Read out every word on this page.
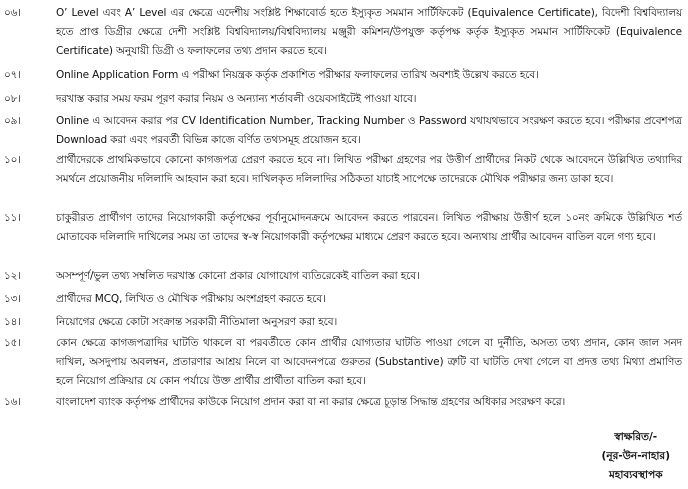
০৬।	O’ Level এবং A’ Level এর ক্ষেত্রে এদেশীয় সংশ্লিষ্ট শিক্ষাবোর্ড হতে ইস্যুকৃত সমমান সার্টিফিকেট (Equivalence Certificate), বিদেশী বিশ্ববিদ্যালয় হতে প্রাপ্ত ডিগ্রীর ক্ষেত্রে দেশী সংশ্লিষ্ট বিশ্ববিদ্যালয়/বিশ্ববিদ্যালয় মঞ্জুরী কমিশন/উপযুক্ত কর্তৃপক্ষ কর্তৃক ইস্যুকৃত সমমান সার্টিফিকেট (Equivalence Certificate) অনুযায়ী ডিগ্রী ও ফলাফলের তথ্য প্রদান করতে হবে।
০৭।	Online Application Form এ পরীক্ষা নিয়ন্ত্রক কর্তৃক প্রকাশিত পরীক্ষার ফলাফলের তারিখ অবশ্যই উল্লেখ করতে হবে।
০৮।	দরখাস্ত করার সময় ফরম পূরণ করার নিয়ম ও অন্যান্য শর্তাবলী ওয়েবসাইটেই পাওয়া যাবে।
০৯।	Online এ আবেদন করার পর CV Identification Number, Tracking Number ও Password যথাযথভাবে সংরক্ষণ করতে হবে। পরীক্ষার প্রবেশপত্র Download করা এবং পরবর্তী বিভিন্ন কাজে বর্ণিত তথ্যসমূহ প্রয়োজন হবে।
১০।	প্রার্থীদেরকে প্রাথমিকভাবে কোনো কাগজপত্র প্রেরণ করতে হবে না। লিখিত পরীক্ষা গ্রহণের পর উত্তীর্ণ প্রার্থীদের নিকট থেকে আবেদনে উল্লিখিত তথ্যাদির সমর্থনে প্রয়োজনীয় দলিলাদি আহবান করা হবে। দাখিলকৃত দলিলাদির সঠিকতা যাচাই সাপেক্ষে তাদেরকে মৌখিক পরীক্ষার জন্য ডাকা হবে।
১১।	চাকুরীরত প্রার্থীগণ তাদের নিয়োগকারী কর্তৃপক্ষের পূর্বানুমোদনক্রমে আবেদন করতে পারবেন। লিখিত পরীক্ষায় উত্তীর্ণ হলে ১০নং ক্রমিকে উল্লিখিত শর্ত মোতাবেক দলিলাদি দাখিলের সময় তা তাদের স্ব-স্ব নিয়োগকারী কর্তৃপক্ষের মাধ্যমে প্রেরণ করতে হবে। অন্যথায় প্রার্থীর আবেদন বাতিল বলে গণ্য হবে।
১২।	অসম্পূর্ণ/ভুল তথ্য সম্বলিত দরখাস্ত কোনো প্রকার যোগাযোগ ব্যতিরেকেই বাতিল করা হবে।
১৩।	প্রার্থীদের MCQ, লিখিত ও মৌখিক পরীক্ষায় অংশগ্রহণ করতে হবে।
১৪।	নিয়োগের ক্ষেত্রে কোটা সংক্রান্ত সরকারী নীতিমালা অনুসরণ করা হবে।
১৫।	কোন ক্ষেত্রে কাগজপত্রাদির ঘাটতি থাকলে বা পরবর্তীতে কোন প্রার্থীর যোগ্যতার ঘাটতি পাওয়া গেলে বা দুর্নীতি, অসত্য তথ্য প্রদান, কোন জাল সনদ দাখিল, অসদুপায় অবলম্বন, প্রতারণার আশ্রয় নিলে বা আবেদনপত্রে গুরুতর (Substantive) ত্রুটি বা ঘাটতি দেখা গেলে বা প্রদত্ত তথ্য মিথ্যা প্রমাণিত হলে নিয়োগ প্রক্রিয়ার যে কোন পর্যায়ে উক্ত প্রার্থীর প্রার্থীতা বাতিল করা হবে।
১৬।	বাংলাদেশ ব্যাংক কর্তৃপক্ষ প্রার্থীদের কাউকে নিয়োগ প্রদান করা বা না করার ক্ষেত্রে চূড়ান্ত সিদ্ধান্ত গ্রহণের অধিকার সংরক্ষণ করে।
স্বাক্ষরিত/-
(নূর-উন-নাহার)
মহাব্যবস্থাপক
